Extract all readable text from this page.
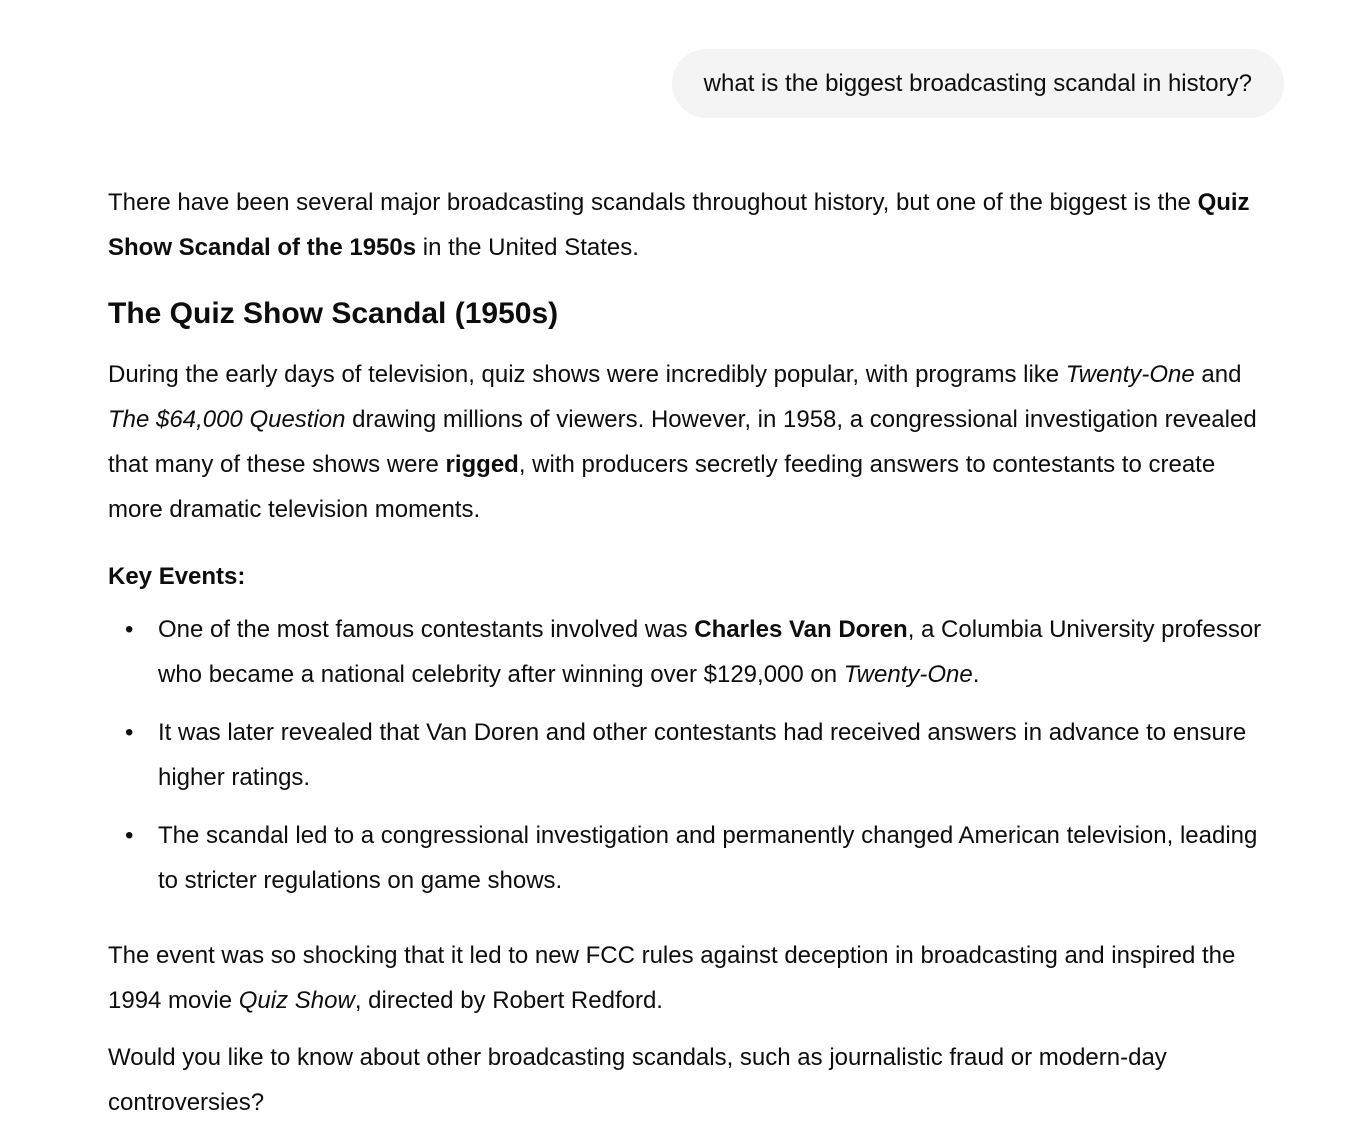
what is the biggest broadcasting scandal in history?

There have been several major broadcasting scandals throughout history, but one of the biggest is the Quiz Show Scandal of the 1950s in the United States.

The Quiz Show Scandal (1950s)

During the early days of television, quiz shows were incredibly popular, with programs like Twenty-One and The $64,000 Question drawing millions of viewers. However, in 1958, a congressional investigation revealed that many of these shows were rigged, with producers secretly feeding answers to contestants to create more dramatic television moments.

Key Events:

• One of the most famous contestants involved was Charles Van Doren, a Columbia University professor who became a national celebrity after winning over $129,000 on Twenty-One.
• It was later revealed that Van Doren and other contestants had received answers in advance to ensure higher ratings.
• The scandal led to a congressional investigation and permanently changed American television, leading to stricter regulations on game shows.

The event was so shocking that it led to new FCC rules against deception in broadcasting and inspired the 1994 movie Quiz Show, directed by Robert Redford.

Would you like to know about other broadcasting scandals, such as journalistic fraud or modern-day controversies?
